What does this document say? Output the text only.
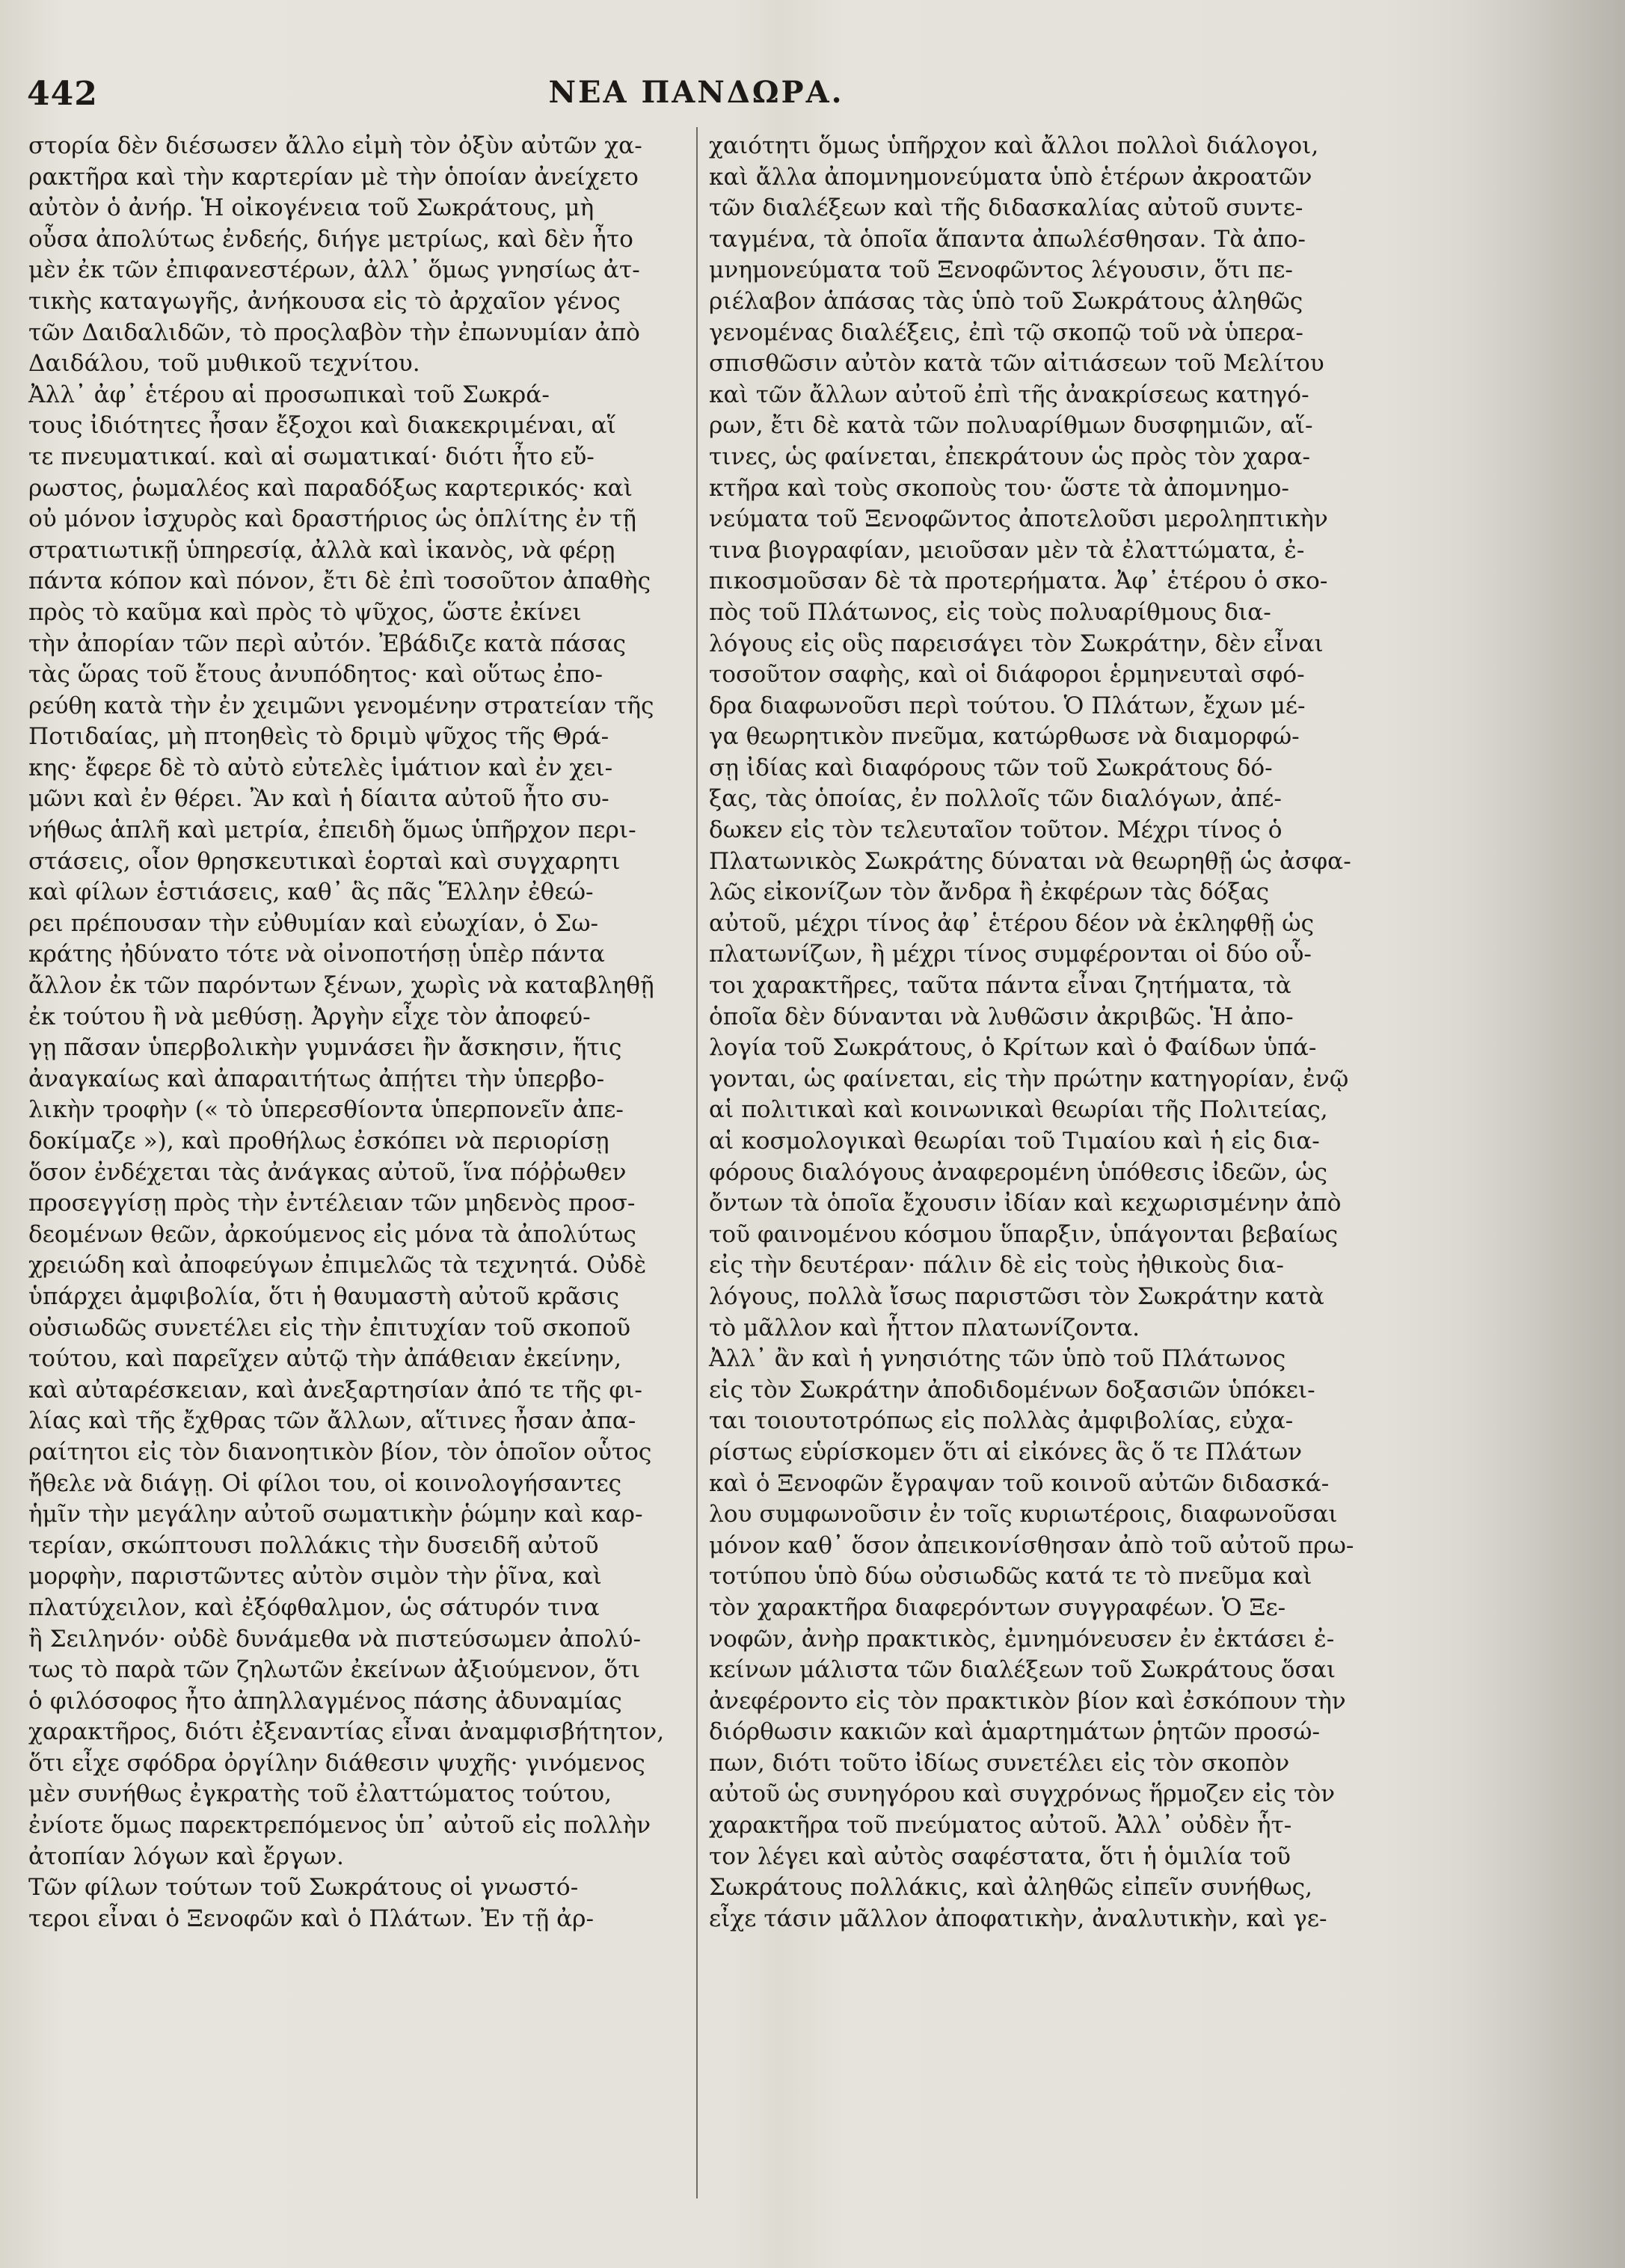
442	ΝΕΑ ΠΑΝΔΩΡΑ.

στορία δὲν διέσωσεν ἄλλο εἰμὴ τὸν ὀξὺν αὐτῶν χα-
ρακτῆρα καὶ τὴν καρτερίαν μὲ τὴν ὁποίαν ἀνείχετο
αὐτὸν ὁ ἀνήρ. Ἡ οἰκογένεια τοῦ Σωκράτους, μὴ
οὖσα ἀπολύτως ἐνδεής, διήγε μετρίως, καὶ δὲν ἦτο
μὲν ἐκ τῶν ἐπιφανεστέρων, ἀλλ᾽ ὅμως γνησίως ἀτ-
τικὴς καταγωγῆς, ἀνήκουσα εἰς τὸ ἀρχαῖον γένος
τῶν Δαιδαλιδῶν, τὸ προςλαβὸν τὴν ἐπωνυμίαν ἀπὸ
Δαιδάλου, τοῦ μυθικοῦ τεχνίτου.

Ἀλλ᾽ ἀφ᾽ ἑτέρου αἱ προσωπικαὶ τοῦ Σωκρά-
τους ἰδιότητες ἦσαν ἔξοχοι καὶ διακεκριμέναι, αἵ
τε πνευματικαί. καὶ αἱ σωματικαί· διότι ἦτο εὔ-
ρωστος, ῥωμαλέος καὶ παραδόξως καρτερικός· καὶ
οὐ μόνον ἰσχυρὸς καὶ δραστήριος ὡς ὁπλίτης ἐν τῇ
στρατιωτικῇ ὑπηρεσίᾳ, ἀλλὰ καὶ ἱκανὸς, νὰ φέρῃ
πάντα κόπον καὶ πόνον, ἔτι δὲ ἐπὶ τοσοῦτον ἀπαθὴς
πρὸς τὸ καῦμα καὶ πρὸς τὸ ψῦχος, ὥστε ἐκίνει
τὴν ἀπορίαν τῶν περὶ αὐτόν. Ἐβάδιζε κατὰ πάσας
τὰς ὥρας τοῦ ἔτους ἀνυπόδητος· καὶ οὕτως ἐπο-
ρεύθη κατὰ τὴν ἐν χειμῶνι γενομένην στρατείαν τῆς
Ποτιδαίας, μὴ πτοηθεὶς τὸ δριμὺ ψῦχος τῆς Θρά-
κης· ἔφερε δὲ τὸ αὐτὸ εὐτελὲς ἱμάτιον καὶ ἐν χει-
μῶνι καὶ ἐν θέρει. Ἂν καὶ ἡ δίαιτα αὐτοῦ ἦτο συ-
νήθως ἁπλῆ καὶ μετρία, ἐπειδὴ ὅμως ὑπῆρχον περι-
στάσεις, οἷον θρησκευτικαὶ ἑορταὶ καὶ συγχαρητι
καὶ φίλων ἑστιάσεις, καθ᾽ ἃς πᾶς Ἕλλην ἐθεώ-
ρει πρέπουσαν τὴν εὐθυμίαν καὶ εὐωχίαν, ὁ Σω-
κράτης ἠδύνατο τότε νὰ οἰνοποτήσῃ ὑπὲρ πάντα
ἄλλον ἐκ τῶν παρόντων ξένων, χωρὶς νὰ καταβληθῇ
ἐκ τούτου ἢ νὰ μεθύσῃ. Ἀργὴν εἶχε τὸν ἀποφεύ-
γῃ πᾶσαν ὑπερβολικὴν γυμνάσει ἢν ἄσκησιν, ἥτις
ἀναγκαίως καὶ ἀπαραιτήτως ἀπῄτει τὴν ὑπερβο-
λικὴν τροφὴν (« τὸ ὑπερεσθίοντα ὑπερπονεῖν ἀπε-
δοκίμαζε »), καὶ προθήλως ἐσκόπει νὰ περιορίσῃ
ὅσον ἐνδέχεται τὰς ἀνάγκας αὐτοῦ, ἵνα πόῤῥωθεν
προσεγγίσῃ πρὸς τὴν ἐντέλειαν τῶν μηδενὸς προσ-
δεομένων θεῶν, ἀρκούμενος εἰς μόνα τὰ ἀπολύτως
χρειώδη καὶ ἀποφεύγων ἐπιμελῶς τὰ τεχνητά. Οὐδὲ
ὑπάρχει ἀμφιβολία, ὅτι ἡ θαυμαστὴ αὐτοῦ κρᾶσις
οὐσιωδῶς συνετέλει εἰς τὴν ἐπιτυχίαν τοῦ σκοποῦ
τούτου, καὶ παρεῖχεν αὐτῷ τὴν ἀπάθειαν ἐκείνην,
καὶ αὐταρέσκειαν, καὶ ἀνεξαρτησίαν ἀπό τε τῆς φι-
λίας καὶ τῆς ἔχθρας τῶν ἄλλων, αἵτινες ἦσαν ἀπα-
ραίτητοι εἰς τὸν διανοητικὸν βίον, τὸν ὁποῖον οὗτος
ἤθελε νὰ διάγῃ. Οἱ φίλοι του, οἱ κοινολογήσαντες
ἡμῖν τὴν μεγάλην αὐτοῦ σωματικὴν ῥώμην καὶ καρ-
τερίαν, σκώπτουσι πολλάκις τὴν δυσειδῆ αὐτοῦ
μορφὴν, παριστῶντες αὐτὸν σιμὸν τὴν ῥῖνα, καὶ
πλατύχειλον, καὶ ἐξόφθαλμον, ὡς σάτυρόν τινα
ἢ Σειληνόν· οὐδὲ δυνάμεθα νὰ πιστεύσωμεν ἀπολύ-
τως τὸ παρὰ τῶν ζηλωτῶν ἐκείνων ἀξιούμενον, ὅτι
ὁ φιλόσοφος ἦτο ἀπηλλαγμένος πάσης ἀδυναμίας
χαρακτῆρος, διότι ἐξεναντίας εἶναι ἀναμφισβήτητον,
ὅτι εἶχε σφόδρα ὀργίλην διάθεσιν ψυχῆς· γινόμενος
μὲν συνήθως ἐγκρατὴς τοῦ ἐλαττώματος τούτου,
ἐνίοτε ὅμως παρεκτρεπόμενος ὑπ᾽ αὐτοῦ εἰς πολλὴν
ἀτοπίαν λόγων καὶ ἔργων.

Τῶν φίλων τούτων τοῦ Σωκράτους οἱ γνωστό-
τεροι εἶναι ὁ Ξενοφῶν καὶ ὁ Πλάτων. Ἐν τῇ ἀρ-

χαιότητι ὅμως ὑπῆρχον καὶ ἄλλοι πολλοὶ διάλογοι,
καὶ ἄλλα ἀπομνημονεύματα ὑπὸ ἑτέρων ἀκροατῶν
τῶν διαλέξεων καὶ τῆς διδασκαλίας αὐτοῦ συντε-
ταγμένα, τὰ ὁποῖα ἅπαντα ἀπωλέσθησαν. Τὰ ἀπο-
μνημονεύματα τοῦ Ξενοφῶντος λέγουσιν, ὅτι πε-
ριέλαβον ἁπάσας τὰς ὑπὸ τοῦ Σωκράτους ἀληθῶς
γενομένας διαλέξεις, ἐπὶ τῷ σκοπῷ τοῦ νὰ ὑπερα-
σπισθῶσιν αὐτὸν κατὰ τῶν αἰτιάσεων τοῦ Μελίτου
καὶ τῶν ἄλλων αὐτοῦ ἐπὶ τῆς ἀνακρίσεως κατηγό-
ρων, ἔτι δὲ κατὰ τῶν πολυαρίθμων δυσφημιῶν, αἵ-
τινες, ὡς φαίνεται, ἐπεκράτουν ὡς πρὸς τὸν χαρα-
κτῆρα καὶ τοὺς σκοποὺς του· ὥστε τὰ ἀπομνημο-
νεύματα τοῦ Ξενοφῶντος ἀποτελοῦσι μεροληπτικὴν
τινα βιογραφίαν, μειοῦσαν μὲν τὰ ἐλαττώματα, ἐ-
πικοσμοῦσαν δὲ τὰ προτερήματα. Ἀφ᾽ ἑτέρου ὁ σκο-
πὸς τοῦ Πλάτωνος, εἰς τοὺς πολυαρίθμους δια-
λόγους εἰς οὓς παρεισάγει τὸν Σωκράτην, δὲν εἶναι
τοσοῦτον σαφὴς, καὶ οἱ διάφοροι ἑρμηνευταὶ σφό-
δρα διαφωνοῦσι περὶ τούτου. Ὁ Πλάτων, ἔχων μέ-
γα θεωρητικὸν πνεῦμα, κατώρθωσε νὰ διαμορφώ-
σῃ ἰδίας καὶ διαφόρους τῶν τοῦ Σωκράτους δό-
ξας, τὰς ὁποίας, ἐν πολλοῖς τῶν διαλόγων, ἀπέ-
δωκεν εἰς τὸν τελευταῖον τοῦτον. Μέχρι τίνος ὁ
Πλατωνικὸς Σωκράτης δύναται νὰ θεωρηθῇ ὡς ἀσφα-
λῶς εἰκονίζων τὸν ἄνδρα ἢ ἐκφέρων τὰς δόξας
αὐτοῦ, μέχρι τίνος ἀφ᾽ ἑτέρου δέον νὰ ἐκληφθῇ ὡς
πλατωνίζων, ἢ μέχρι τίνος συμφέρονται οἱ δύο οὗ-
τοι χαρακτῆρες, ταῦτα πάντα εἶναι ζητήματα, τὰ
ὁποῖα δὲν δύνανται νὰ λυθῶσιν ἀκριβῶς. Ἡ ἀπο-
λογία τοῦ Σωκράτους, ὁ Κρίτων καὶ ὁ Φαίδων ὑπά-
γονται, ὡς φαίνεται, εἰς τὴν πρώτην κατηγορίαν, ἐνῷ
αἱ πολιτικαὶ καὶ κοινωνικαὶ θεωρίαι τῆς Πολιτείας,
αἱ κοσμολογικαὶ θεωρίαι τοῦ Τιμαίου καὶ ἡ εἰς δια-
φόρους διαλόγους ἀναφερομένη ὑπόθεσις ἰδεῶν, ὡς
ὄντων τὰ ὁποῖα ἔχουσιν ἰδίαν καὶ κεχωρισμένην ἀπὸ
τοῦ φαινομένου κόσμου ὕπαρξιν, ὑπάγονται βεβαίως
εἰς τὴν δευτέραν· πάλιν δὲ εἰς τοὺς ἠθικοὺς δια-
λόγους, πολλὰ ἴσως παριστῶσι τὸν Σωκράτην κατὰ
τὸ μᾶλλον καὶ ἧττον πλατωνίζοντα.

Ἀλλ᾽ ἂν καὶ ἡ γνησιότης τῶν ὑπὸ τοῦ Πλάτωνος
εἰς τὸν Σωκράτην ἀποδιδομένων δοξασιῶν ὑπόκει-
ται τοιουτοτρόπως εἰς πολλὰς ἀμφιβολίας, εὐχα-
ρίστως εὑρίσκομεν ὅτι αἱ εἰκόνες ἃς ὅ τε Πλάτων
καὶ ὁ Ξενοφῶν ἔγραψαν τοῦ κοινοῦ αὐτῶν διδασκά-
λου συμφωνοῦσιν ἐν τοῖς κυριωτέροις, διαφωνοῦσαι
μόνον καθ᾽ ὅσον ἀπεικονίσθησαν ἀπὸ τοῦ αὐτοῦ πρω-
τοτύπου ὑπὸ δύω οὐσιωδῶς κατά τε τὸ πνεῦμα καὶ
τὸν χαρακτῆρα διαφερόντων συγγραφέων. Ὁ Ξε-
νοφῶν, ἀνὴρ πρακτικὸς, ἐμνημόνευσεν ἐν ἐκτάσει ἐ-
κείνων μάλιστα τῶν διαλέξεων τοῦ Σωκράτους ὅσαι
ἀνεφέροντο εἰς τὸν πρακτικὸν βίον καὶ ἐσκόπουν τὴν
διόρθωσιν κακιῶν καὶ ἁμαρτημάτων ῥητῶν προσώ-
πων, διότι τοῦτο ἰδίως συνετέλει εἰς τὸν σκοπὸν
αὐτοῦ ὡς συνηγόρου καὶ συγχρόνως ἥρμοζεν εἰς τὸν
χαρακτῆρα τοῦ πνεύματος αὐτοῦ. Ἀλλ᾽ οὐδὲν ἧτ-
τον λέγει καὶ αὐτὸς σαφέστατα, ὅτι ἡ ὁμιλία τοῦ
Σωκράτους πολλάκις, καὶ ἀληθῶς εἰπεῖν συνήθως,
εἶχε τάσιν μᾶλλον ἀποφατικὴν, ἀναλυτικὴν, καὶ γε-
